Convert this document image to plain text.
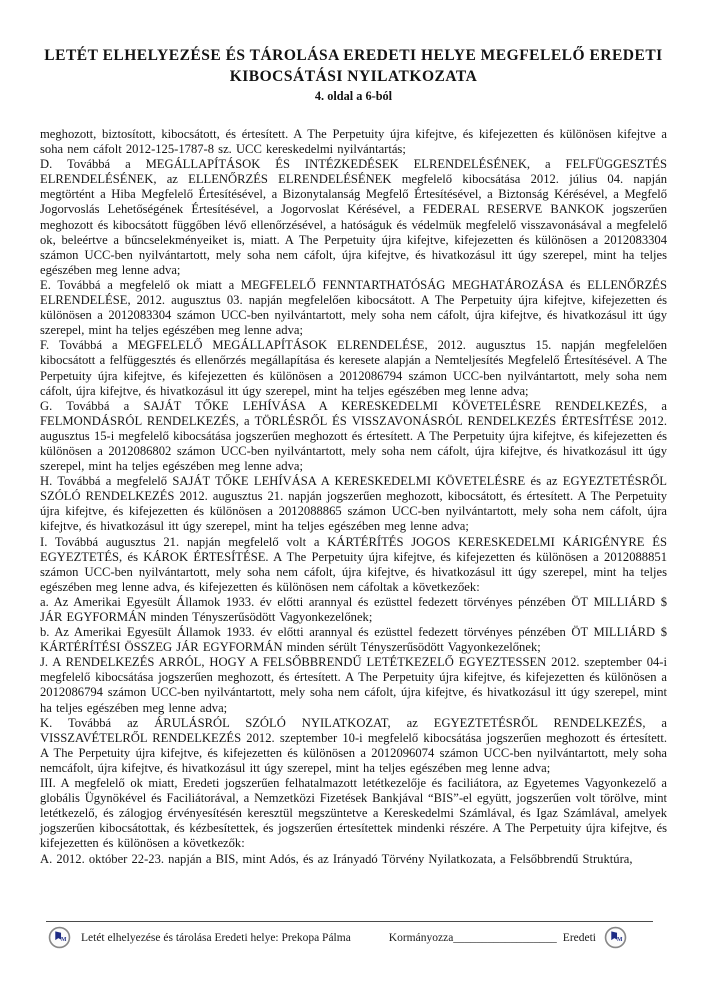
LETÉT ELHELYEZÉSE ÉS TÁROLÁSA EREDETI HELYE MEGFELELŐ EREDETI
KIBOCSÁTÁSI NYILATKOZATA
4. oldal a 6-ból

meghozott, biztosított, kibocsátott, és értesített. A The Perpetuity újra kifejtve, és kifejezetten és különösen kifejtve a soha nem cáfolt 2012-125-1787-8 sz. UCC kereskedelmi nyilvántartás;

D. Továbbá a MEGÁLLAPÍTÁSOK ÉS INTÉZKEDÉSEK ELRENDELÉSÉNEK, a FELFÜGGESZTÉS ELRENDELÉSÉNEK, az ELLENŐRZÉS ELRENDELÉSÉNEK megfelelő kibocsátása 2012. július 04. napján megtörtént a Hiba Megfelelő Értesítésével, a Bizonytalanság Megfelő Értesítésével, a Biztonság Kérésével, a Megfelő Jogorvoslás Lehetőségének Értesítésével, a Jogorvoslat Kérésével, a FEDERAL RESERVE BANKOK jogszerűen meghozott és kibocsátott függőben lévő ellenőrzésével, a hatóságuk és védelmük megfelelő visszavonásával a megfelelő ok, beleértve a bűncselekményeiket is, miatt. A The Perpetuity újra kifejtve, kifejezetten és különösen a 2012083304 számon UCC-ben nyilvántartott, mely soha nem cáfolt, újra kifejtve, és hivatkozásul itt úgy szerepel, mint ha teljes egészében meg lenne adva;

E. Továbbá a megfelelő ok miatt a MEGFELELŐ FENNTARTHATÓSÁG MEGHATÁROZÁSA és ELLENŐRZÉS ELRENDELÉSE, 2012. augusztus 03. napján megfelelően kibocsátott. A The Perpetuity újra kifejtve, kifejezetten és különösen a 2012083304 számon UCC-ben nyilvántartott, mely soha nem cáfolt, újra kifejtve, és hivatkozásul itt úgy szerepel, mint ha teljes egészében meg lenne adva;

F. Továbbá a MEGFELELŐ MEGÁLLAPÍTÁSOK ELRENDELÉSE, 2012. augusztus 15. napján megfelelően kibocsátott a felfüggesztés és ellenőrzés megállapítása és keresete alapján a Nemteljesítés Megfelelő Értesítésével. A The Perpetuity újra kifejtve, és kifejezetten és különösen a 2012086794 számon UCC-ben nyilvántartott, mely soha nem cáfolt, újra kifejtve, és hivatkozásul itt úgy szerepel, mint ha teljes egészében meg lenne adva;

G. Továbbá a SAJÁT TŐKE LEHÍVÁSA A KERESKEDELMI KÖVETELÉSRE RENDELKEZÉS, a FELMONDÁSRÓL RENDELKEZÉS, a TÖRLÉSRŐL ÉS VISSZAVONÁSRÓL RENDELKEZÉS ÉRTESÍTÉSE 2012. augusztus 15-i megfelelő kibocsátása jogszerűen meghozott és értesített. A The Perpetuity újra kifejtve, és kifejezetten és különösen a 2012086802 számon UCC-ben nyilvántartott, mely soha nem cáfolt, újra kifejtve, és hivatkozásul itt úgy szerepel, mint ha teljes egészében meg lenne adva;

H. Továbbá a megfelelő SAJÁT TŐKE LEHÍVÁSA A KERESKEDELMI KÖVETELÉSRE és az EGYEZTETÉSRŐL SZÓLÓ RENDELKEZÉS 2012. augusztus 21. napján jogszerűen meghozott, kibocsátott, és értesített. A The Perpetuity újra kifejtve, és kifejezetten és különösen a 2012088865 számon UCC-ben nyilvántartott, mely soha nem cáfolt, újra kifejtve, és hivatkozásul itt úgy szerepel, mint ha teljes egészében meg lenne adva;

I. Továbbá augusztus 21. napján megfelelő volt a KÁRTÉRÍTÉS JOGOS KERESKEDELMI KÁRIGÉNYRE ÉS EGYEZTETÉS, és KÁROK ÉRTESÍTÉSE. A The Perpetuity újra kifejtve, és kifejezetten és különösen a 2012088851 számon UCC-ben nyilvántartott, mely soha nem cáfolt, újra kifejtve, és hivatkozásul itt úgy szerepel, mint ha teljes egészében meg lenne adva, és kifejezetten és különösen nem cáfoltak a következőek:

a. Az Amerikai Egyesült Államok 1933. év előtti arannyal és ezüsttel fedezett törvényes pénzében ÖT MILLIÁRD $ JÁR EGYFORMÁN minden Tényszerűsödött Vagyonkezelőnek;

b. Az Amerikai Egyesült Államok 1933. év előtti arannyal és ezüsttel fedezett törvényes pénzében ÖT MILLIÁRD $ KÁRTÉRÍTÉSI ÖSSZEG JÁR EGYFORMÁN minden sérült Tényszerűsödött Vagyonkezelőnek;

J. A RENDELKEZÉS ARRÓL, HOGY A FELSŐBBRENDŰ LETÉTKEZELŐ EGYEZTESSEN 2012. szeptember 04-i megfelelő kibocsátása jogszerűen meghozott, és értesített. A The Perpetuity újra kifejtve, és kifejezetten és különösen a 2012086794 számon UCC-ben nyilvántartott, mely soha nem cáfolt, újra kifejtve, és hivatkozásul itt úgy szerepel, mint ha teljes egészében meg lenne adva;

K. Továbbá az ÁRULÁSRÓL SZÓLÓ NYILATKOZAT, az EGYEZTETÉSRŐL RENDELKEZÉS, a VISSZAVÉTELRŐL RENDELKEZÉS 2012. szeptember 10-i megfelelő kibocsátása jogszerűen meghozott és értesített. A The Perpetuity újra kifejtve, és kifejezetten és különösen a 2012096074 számon UCC-ben nyilvántartott, mely soha nemcáfolt, újra kifejtve, és hivatkozásul itt úgy szerepel, mint ha teljes egészében meg lenne adva;

III. A megfelelő ok miatt, Eredeti jogszerűen felhatalmazott letétkezelője és faciliátora, az Egyetemes Vagyonkezelő a globális Ügynökével és Faciliátorával, a Nemzetközi Fizetések Bankjával “BIS”-el együtt, jogszerűen volt törölve, mint letétkezelő, és zálogjog érvényesítésén keresztül megszüntetve a Kereskedelmi Számlával, és Igaz Számlával, amelyek jogszerűen kibocsátottak, és kézbesítettek, és jogszerűen értesítettek mindenki részére. A The Perpetuity újra kifejtve, és kifejezetten és különösen a következők:

A. 2012. október 22-23. napján a BIS, mint Adós, és az Irányadó Törvény Nyilatkozata, a Felsőbbrendű Struktúra,

M Letét elhelyezése és tárolása Eredeti helye: Prekopa Pálma	Kormányozza __________________ Eredeti	M
